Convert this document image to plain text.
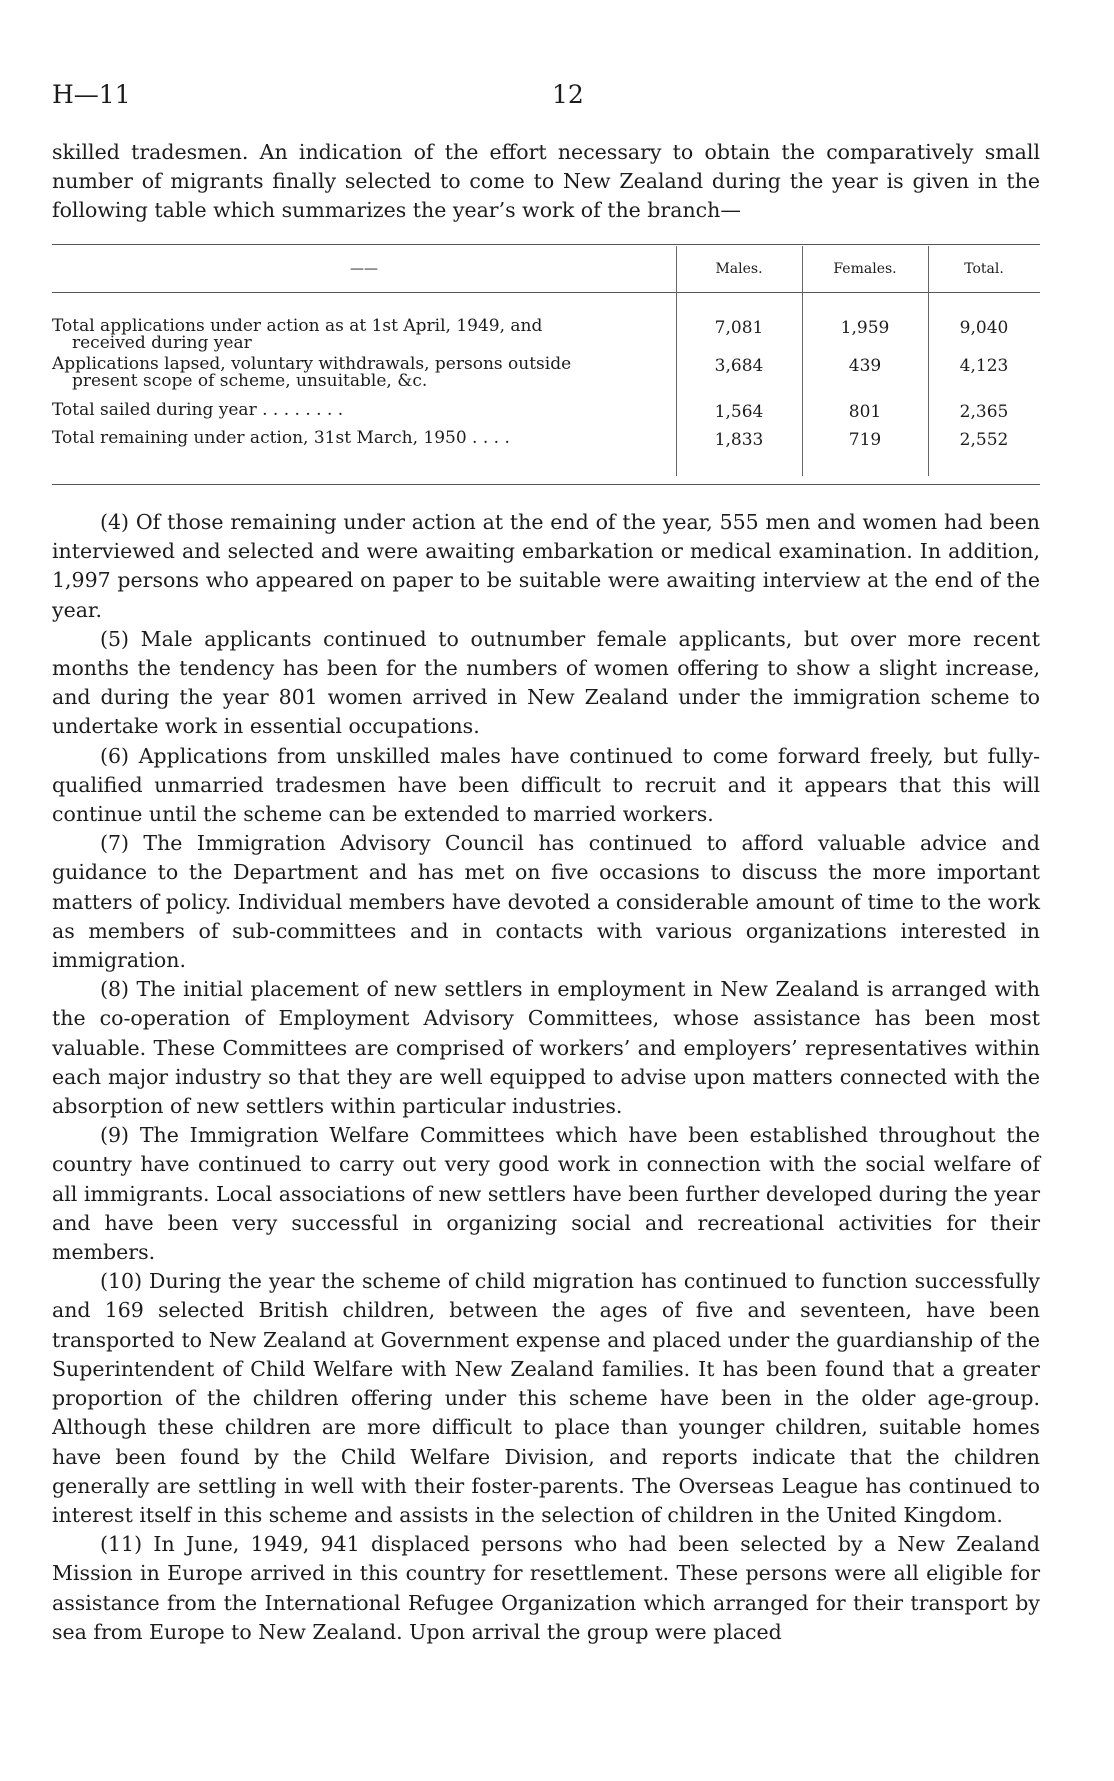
H—11	12

skilled tradesmen. An indication of the effort necessary to obtain the comparatively small number of migrants finally selected to come to New Zealand during the year is given in the following table which summarizes the year’s work of the branch—

——	Males.	Females.	Total.
Total applications under action as at 1st April, 1949, and
received during year
7,081	1,959	9,040
Applications lapsed, voluntary withdrawals, persons outside
present scope of scheme, unsuitable, &c.
3,684	439	4,123
Total sailed during year . . . . . . . .	1,564	801	2,365
Total remaining under action, 31st March, 1950 . . . .	1,833	719	2,552

(4) Of those remaining under action at the end of the year, 555 men and women had been interviewed and selected and were awaiting embarkation or medical examination. In addition, 1,997 persons who appeared on paper to be suitable were awaiting interview at the end of the year.

(5) Male applicants continued to outnumber female applicants, but over more recent months the tendency has been for the numbers of women offering to show a slight increase, and during the year 801 women arrived in New Zealand under the immigration scheme to undertake work in essential occupations.

(6) Applications from unskilled males have continued to come forward freely, but fully-qualified unmarried tradesmen have been difficult to recruit and it appears that this will continue until the scheme can be extended to married workers.

(7) The Immigration Advisory Council has continued to afford valuable advice and guidance to the Department and has met on five occasions to discuss the more important matters of policy. Individual members have devoted a considerable amount of time to the work as members of sub-committees and in contacts with various organizations interested in immigration.

(8) The initial placement of new settlers in employment in New Zealand is arranged with the co-operation of Employment Advisory Committees, whose assistance has been most valuable. These Committees are comprised of workers’ and employers’ representatives within each major industry so that they are well equipped to advise upon matters connected with the absorption of new settlers within particular industries.

(9) The Immigration Welfare Committees which have been established throughout the country have continued to carry out very good work in connection with the social welfare of all immigrants. Local associations of new settlers have been further developed during the year and have been very successful in organizing social and recreational activities for their members.

(10) During the year the scheme of child migration has continued to function successfully and 169 selected British children, between the ages of five and seventeen, have been transported to New Zealand at Government expense and placed under the guardianship of the Superintendent of Child Welfare with New Zealand families. It has been found that a greater proportion of the children offering under this scheme have been in the older age-group. Although these children are more difficult to place than younger children, suitable homes have been found by the Child Welfare Division, and reports indicate that the children generally are settling in well with their foster-parents. The Overseas League has continued to interest itself in this scheme and assists in the selection of children in the United Kingdom.

(11) In June, 1949, 941 displaced persons who had been selected by a New Zealand Mission in Europe arrived in this country for resettlement. These persons were all eligible for assistance from the International Refugee Organization which arranged for their transport by sea from Europe to New Zealand. Upon arrival the group were placed
